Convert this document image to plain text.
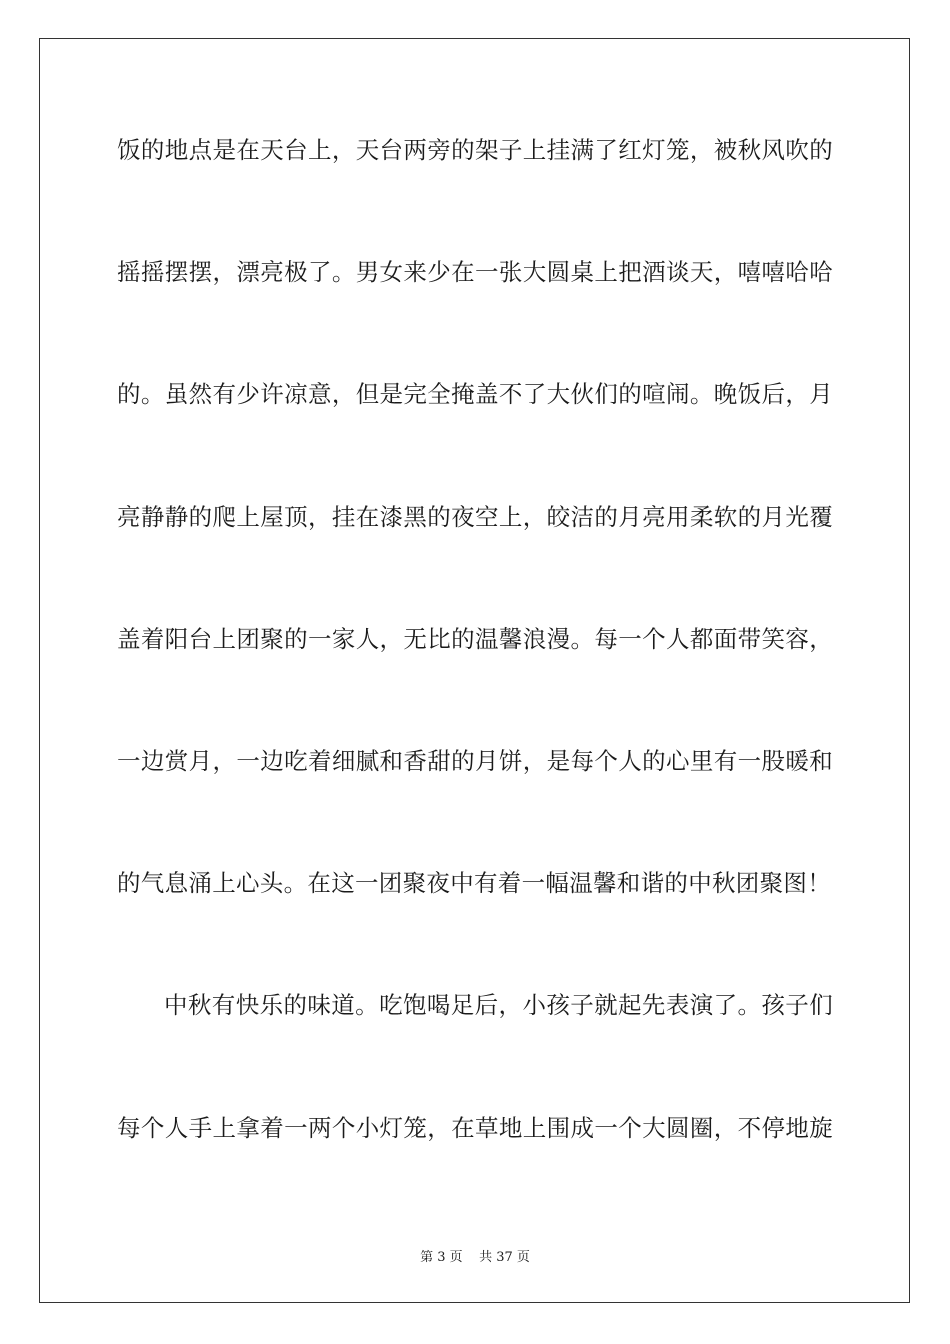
饭的地点是在天台上，天台两旁的架子上挂满了红灯笼，被秋风吹的
摇摇摆摆，漂亮极了。男女来少在一张大圆桌上把酒谈天，嘻嘻哈哈
的。虽然有少许凉意，但是完全掩盖不了大伙们的喧闹。晚饭后，月
亮静静的爬上屋顶，挂在漆黑的夜空上，皎洁的月亮用柔软的月光覆
盖着阳台上团聚的一家人，无比的温馨浪漫。每一个人都面带笑容，
一边赏月，一边吃着细腻和香甜的月饼，是每个人的心里有一股暖和
的气息涌上心头。在这一团聚夜中有着一幅温馨和谐的中秋团聚图！
中秋有快乐的味道。吃饱喝足后，小孩子就起先表演了。孩子们
每个人手上拿着一两个小灯笼，在草地上围成一个大圆圈，不停地旋
第 3 页    共 37 页
